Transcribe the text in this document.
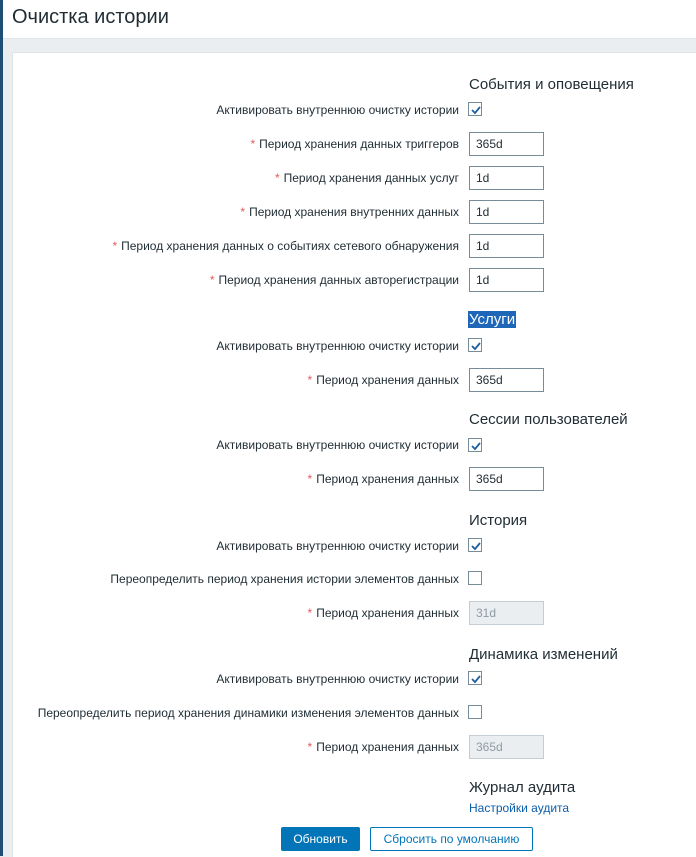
Очистка истории
События и оповещения
Активировать внутреннюю очистку истории
* Период хранения данных триггеров
365d
* Период хранения данных услуг
1d
* Период хранения внутренних данных
1d
* Период хранения данных о событиях сетевого обнаружения
1d
* Период хранения данных авторегистрации
1d
Услуги
Активировать внутреннюю очистку истории
* Период хранения данных
365d
Сессии пользователей
Активировать внутреннюю очистку истории
* Период хранения данных
365d
История
Активировать внутреннюю очистку истории
Переопределить период хранения истории элементов данных
* Период хранения данных
31d
Динамика изменений
Активировать внутреннюю очистку истории
Переопределить период хранения динамики изменения элементов данных
* Период хранения данных
365d
Журнал аудита
Настройки аудита
Обновить	Сбросить по умолчанию
